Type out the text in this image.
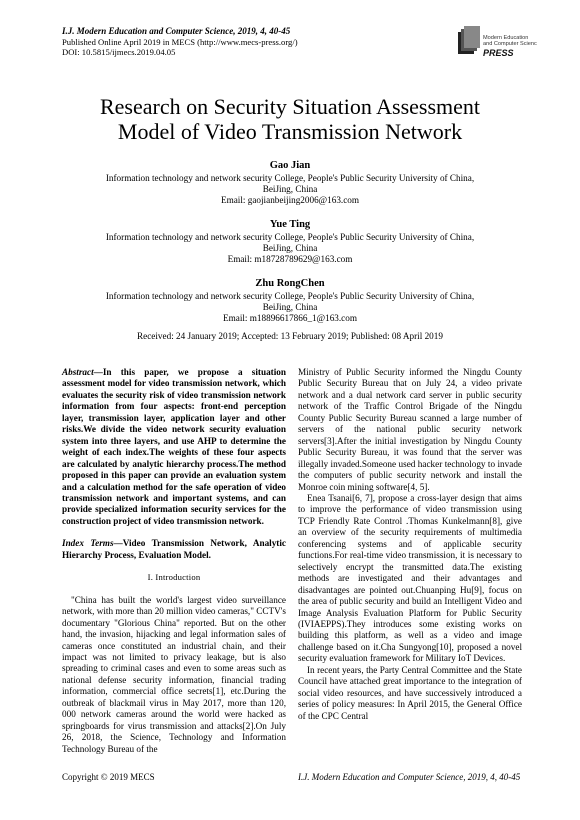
I.J. Modern Education and Computer Science, 2019, 4, 40-45
Published Online April 2019 in MECS (http://www.mecs-press.org/)
DOI: 10.5815/ijmecs.2019.04.05
Modern Education
and Computer Science
PRESS
Research on Security Situation Assessment
Model of Video Transmission Network
Gao Jian
Information technology and network security College, People's Public Security University of China,
BeiJing, China
Email: gaojianbeijing2006@163.com
Yue Ting
Information technology and network security College, People's Public Security University of China,
BeiJing, China
Email: m18728789629@163.com
Zhu RongChen
Information technology and network security College, People's Public Security University of China,
BeiJing, China
Email: m18896617866_1@163.com
Received: 24 January 2019; Accepted: 13 February 2019; Published: 08 April 2019

Abstract—In this paper, we propose a situation assessment model for video transmission network, which evaluates the security risk of video transmission network information from four aspects: front-end perception layer, transmission layer, application layer and other risks.We divide the video network security evaluation system into three layers, and use AHP to determine the weight of each index.The weights of these four aspects are calculated by analytic hierarchy process.The method proposed in this paper can provide an evaluation system and a calculation method for the safe operation of video transmission network and important systems, and can provide specialized information security services for the construction project of video transmission network.

Index Terms—Video Transmission Network, Analytic Hierarchy Process, Evaluation Model.

I. Introduction

"China has built the world's largest video surveillance network, with more than 20 million video cameras," CCTV's documentary "Glorious China" reported. But on the other hand, the invasion, hijacking and legal information sales of cameras once constituted an industrial chain, and their impact was not limited to privacy leakage, but is also spreading to criminal cases and even to some areas such as national defense security information, financial trading information, commercial office secrets[1], etc.During the outbreak of blackmail virus in May 2017, more than 120, 000 network cameras around the world were hacked as springboards for virus transmission and attacks[2].On July 26, 2018, the Science, Technology and Information Technology Bureau of the

Ministry of Public Security informed the Ningdu County Public Security Bureau that on July 24, a video private network and a dual network card server in public security network of the Traffic Control Brigade of the Ningdu County Public Security Bureau scanned a large number of servers of the national public security network servers[3].After the initial investigation by Ningdu County Public Security Bureau, it was found that the server was illegally invaded.Someone used hacker technology to invade the computers of public security network and install the Monroe coin mining software[4, 5].

Enea Tsanai[6, 7], propose a cross-layer design that aims to improve the performance of video transmission using TCP Friendly Rate Control .Thomas Kunkelmann[8], give an overview of the security requirements of multimedia conferencing systems and of applicable security functions.For real-time video transmission, it is necessary to selectively encrypt the transmitted data.The existing methods are investigated and their advantages and disadvantages are pointed out.Chuanping Hu[9], focus on the area of public security and build an Intelligent Video and Image Analysis Evaluation Platform for Public Security (IVIAEPPS).They introduces some existing works on building this platform, as well as a video and image challenge based on it.Cha Sungyong[10], proposed a novel security evaluation framework for Military IoT Devices.

In recent years, the Party Central Committee and the State Council have attached great importance to the integration of social video resources, and have successively introduced a series of policy measures: In April 2015, the General Office of the CPC Central

Copyright © 2019 MECS	I.J. Modern Education and Computer Science, 2019, 4, 40-45
